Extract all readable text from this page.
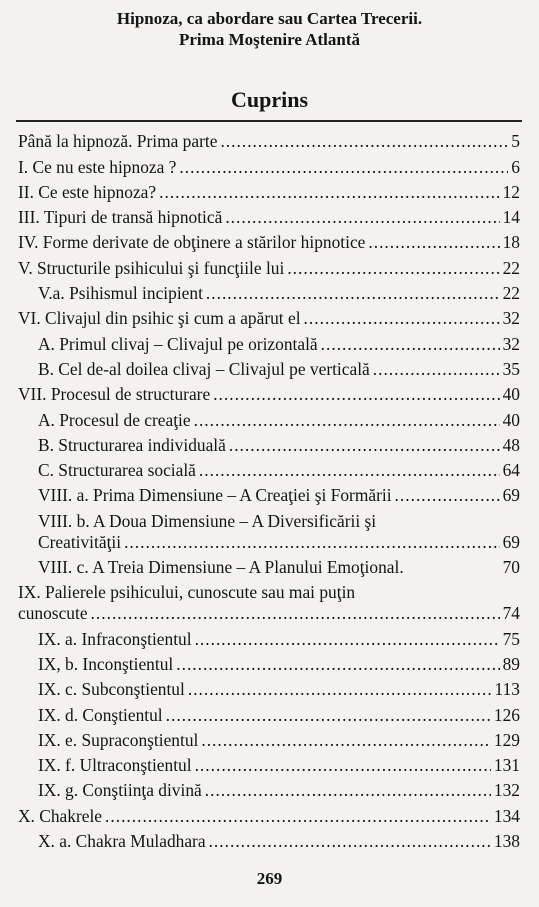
Hipnoza, ca abordare sau Cartea Trecerii.
Prima Moştenire Atlantă
Cuprins
Până la hipnoză. Prima parte .....	5
I. Ce nu este hipnoza ? .....	6
II. Ce este hipnoza? .....	12
III. Tipuri de transă hipnotică .....	14
IV. Forme derivate de obţinere a stărilor hipnotice .....	18
V. Structurile psihicului şi funcţiile lui .....	22
V.a. Psihismul incipient .....	22
VI. Clivajul din psihic şi cum a apărut el .....	32
A. Primul clivaj – Clivajul pe orizontală .....	32
B. Cel de-al doilea clivaj – Clivajul pe verticală .....	35
VII. Procesul de structurare .....	40
A. Procesul de creaţie .....	40
B. Structurarea individuală .....	48
C. Structurarea socială .....	64
VIII. a. Prima Dimensiune – A Creaţiei şi Formării .....	69
VIII. b. A Doua Dimensiune – A Diversificării şi
Creativităţii .....	69
VIII. c. A Treia Dimensiune – A Planului Emoţional.	70
IX. Palierele psihicului, cunoscute sau mai puţin
cunoscute .....	74
IX. a. Infraconştientul .....	75
IX, b. Inconştientul .....	89
IX. c. Subconştientul .....	113
IX. d. Conştientul .....	126
IX. e. Supraconştientul .....	129
IX. f. Ultraconştientul .....	131
IX. g. Conştiinţa divină .....	132
X. Chakrele .....	134
X. a. Chakra Muladhara .....	138
269
